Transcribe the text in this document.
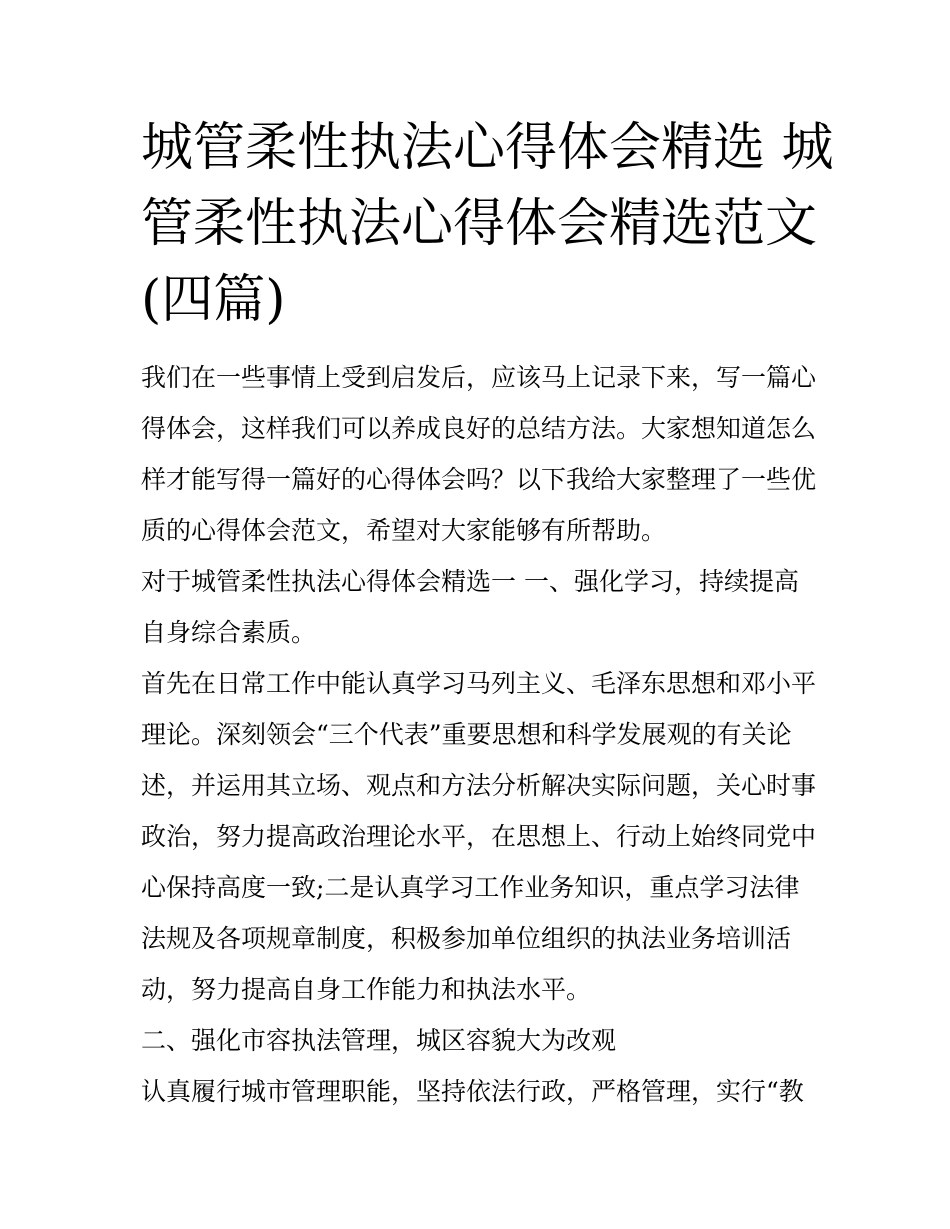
城管柔性执法心得体会精选 城
管柔性执法心得体会精选范文
(四篇)

我们在一些事情上受到启发后，应该马上记录下来，写一篇心
得体会，这样我们可以养成良好的总结方法。大家想知道怎么
样才能写得一篇好的心得体会吗？以下我给大家整理了一些优
质的心得体会范文，希望对大家能够有所帮助。

对于城管柔性执法心得体会精选一 一、强化学习，持续提高
自身综合素质。

首先在日常工作中能认真学习马列主义、毛泽东思想和邓小平
理论。深刻领会“三个代表”重要思想和科学发展观的有关论
述，并运用其立场、观点和方法分析解决实际问题，关心时事
政治，努力提高政治理论水平，在思想上、行动上始终同党中
心保持高度一致;二是认真学习工作业务知识，重点学习法律
法规及各项规章制度，积极参加单位组织的执法业务培训活
动，努力提高自身工作能力和执法水平。

二、强化市容执法管理，城区容貌大为改观

认真履行城市管理职能，坚持依法行政，严格管理，实行“教
